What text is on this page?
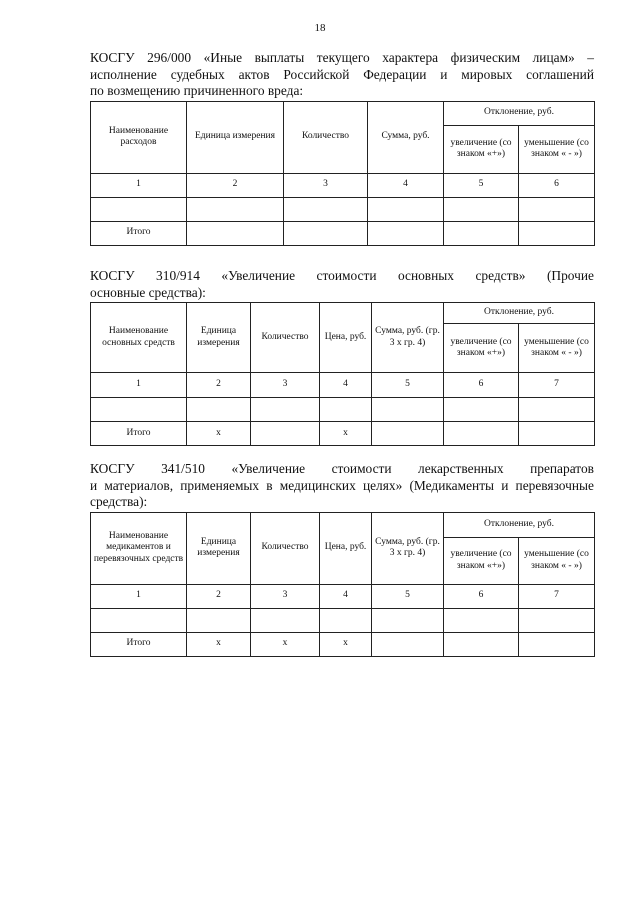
18

КОСГУ 296/000 «Иные выплаты текущего характера физическим лицам» –

исполнение судебных актов Российской Федерации и мировых соглашений

по возмещению причиненного вреда:

Наименование расходов	Единица измерения	Количество	Сумма, руб.	Отклонение, руб.	
				увеличение (со знаком «+»)	уменьшение (со знаком « - »)
1	2	3	4	5	6

Итого					

КОСГУ 310/914 «Увеличение стоимости основных средств» (Прочие

основные средства):

Наименование основных средств	Единица измерения	Количество	Цена, руб.	Сумма, руб. (гр. 3 х гр. 4)	Отклонение, руб.	
					увеличение (со знаком «+»)	уменьшение (со знаком « - »)
1	2	3	4	5	6	7

Итого	x		x			

КОСГУ 341/510 «Увеличение стоимости лекарственных препаратов

и материалов, применяемых в медицинских целях» (Медикаменты и перевязочные

средства):

Наименование медикаментов и перевязочных средств	Единица измерения	Количество	Цена, руб.	Сумма, руб. (гр. 3 х гр. 4)	Отклонение, руб.	
					увеличение (со знаком «+»)	уменьшение (со знаком « - »)
1	2	3	4	5	6	7

Итого	x	x	x			
